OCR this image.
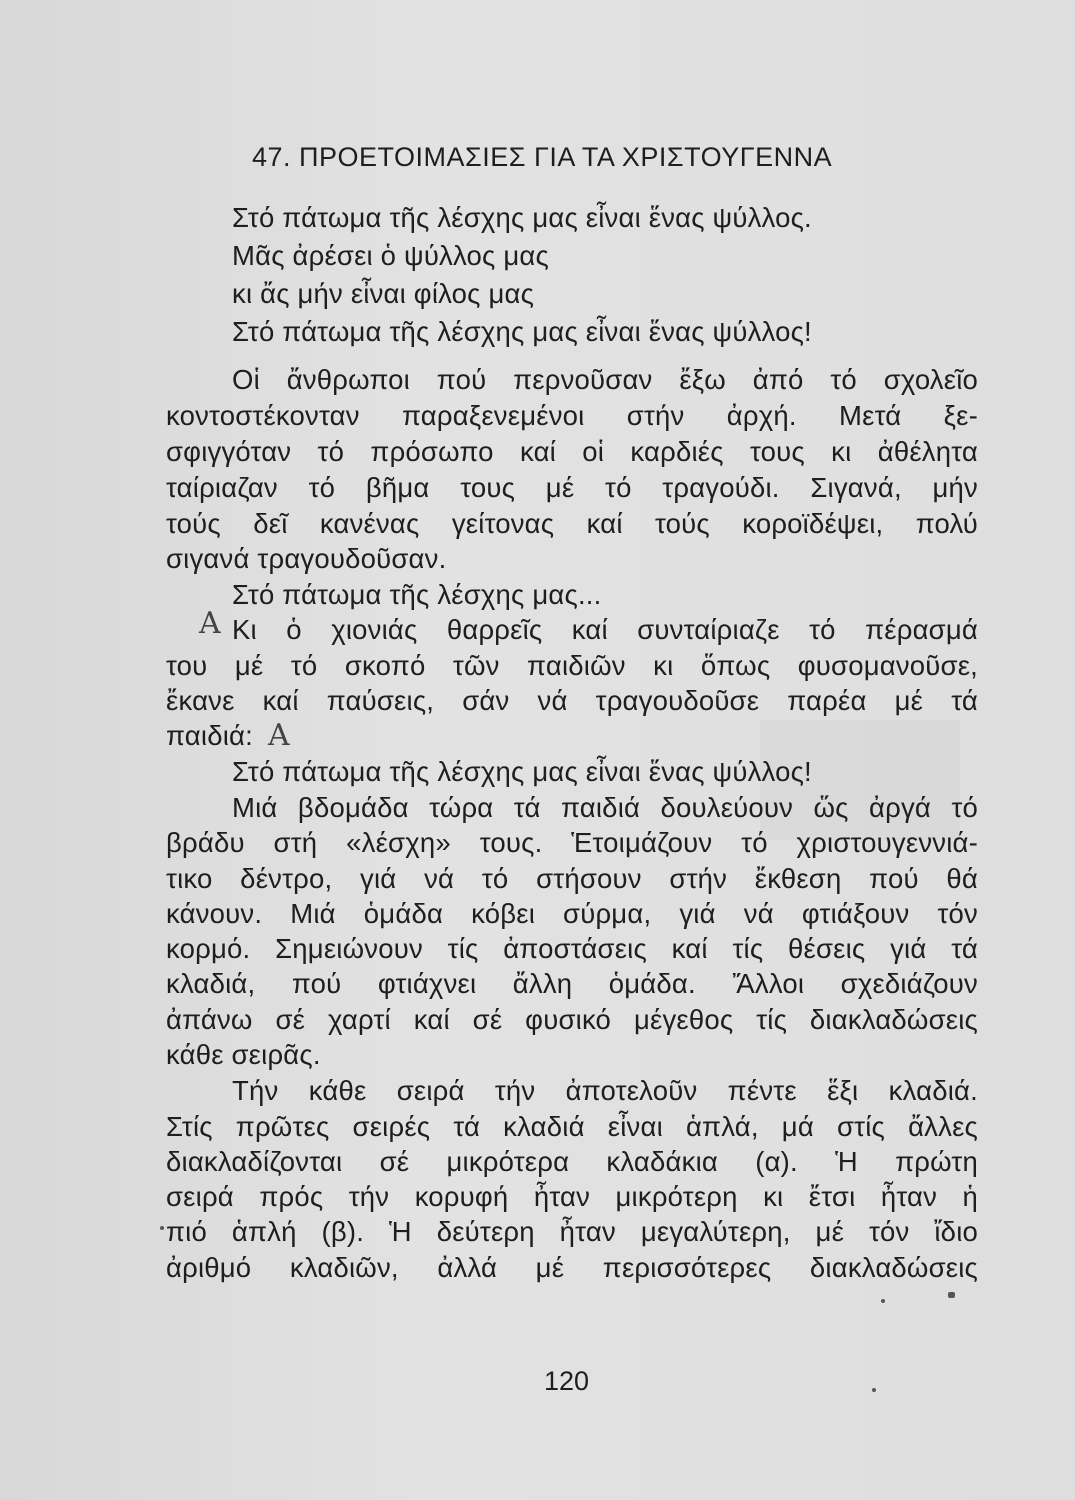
47. ΠΡΟΕΤΟΙΜΑΣΙΕΣ ΓΙΑ ΤΑ ΧΡΙΣΤΟΥΓΕΝΝΑ
Στό πάτωμα τῆς λέσχης μας εἶναι ἕνας ψύλλος.
Μᾶς ἀρέσει ὁ ψύλλος μας
κι ἄς μήν εἶναι φίλος μας
Στό πάτωμα τῆς λέσχης μας εἶναι ἕνας ψύλλος!
Οἱ ἄνθρωποι πού περνοῦσαν ἔξω ἀπό τό σχολεῖο
κοντοστέκονταν παραξενεμένοι στήν ἀρχή. Μετά ξε-
σφιγγόταν τό πρόσωπο καί οἱ καρδιές τους κι ἀθέλητα
ταίριαζαν τό βῆμα τους μέ τό τραγούδι. Σιγανά, μήν
τούς δεῖ κανένας γείτονας καί τούς κοροϊδέψει, πολύ
σιγανά τραγουδοῦσαν.
Στό πάτωμα τῆς λέσχης μας...
Κι ὁ χιονιάς θαρρεῖς καί συνταίριαζε τό πέρασμά
του μέ τό σκοπό τῶν παιδιῶν κι ὅπως φυσομανοῦσε,
ἔκανε καί παύσεις, σάν νά τραγουδοῦσε παρέα μέ τά
παιδιά:
Στό πάτωμα τῆς λέσχης μας εἶναι ἕνας ψύλλος!
Μιά βδομάδα τώρα τά παιδιά δουλεύουν ὥς ἀργά τό
βράδυ στή «λέσχη» τους. Ἑτοιμάζουν τό χριστουγεννιά-
τικο δέντρο, γιά νά τό στήσουν στήν ἔκθεση πού θά
κάνουν. Μιά ὁμάδα κόβει σύρμα, γιά νά φτιάξουν τόν
κορμό. Σημειώνουν τίς ἀποστάσεις καί τίς θέσεις γιά τά
κλαδιά, πού φτιάχνει ἄλλη ὁμάδα. Ἄλλοι σχεδιάζουν
ἀπάνω σέ χαρτί καί σέ φυσικό μέγεθος τίς διακλαδώσεις
κάθε σειρᾶς.
Τήν κάθε σειρά τήν ἀποτελοῦν πέντε ἕξι κλαδιά.
Στίς πρῶτες σειρές τά κλαδιά εἶναι ἁπλά, μά στίς ἄλλες
διακλαδίζονται σέ μικρότερα κλαδάκια (α). Ἡ πρώτη
σειρά πρός τήν κορυφή ἦταν μικρότερη κι ἔτσι ἦταν ἡ
πιό ἁπλή (β). Ἡ δεύτερη ἦταν μεγαλύτερη, μέ τόν ἴδιο
ἀριθμό κλαδιῶν, ἀλλά μέ περισσότερες διακλαδώσεις
A
A
120
